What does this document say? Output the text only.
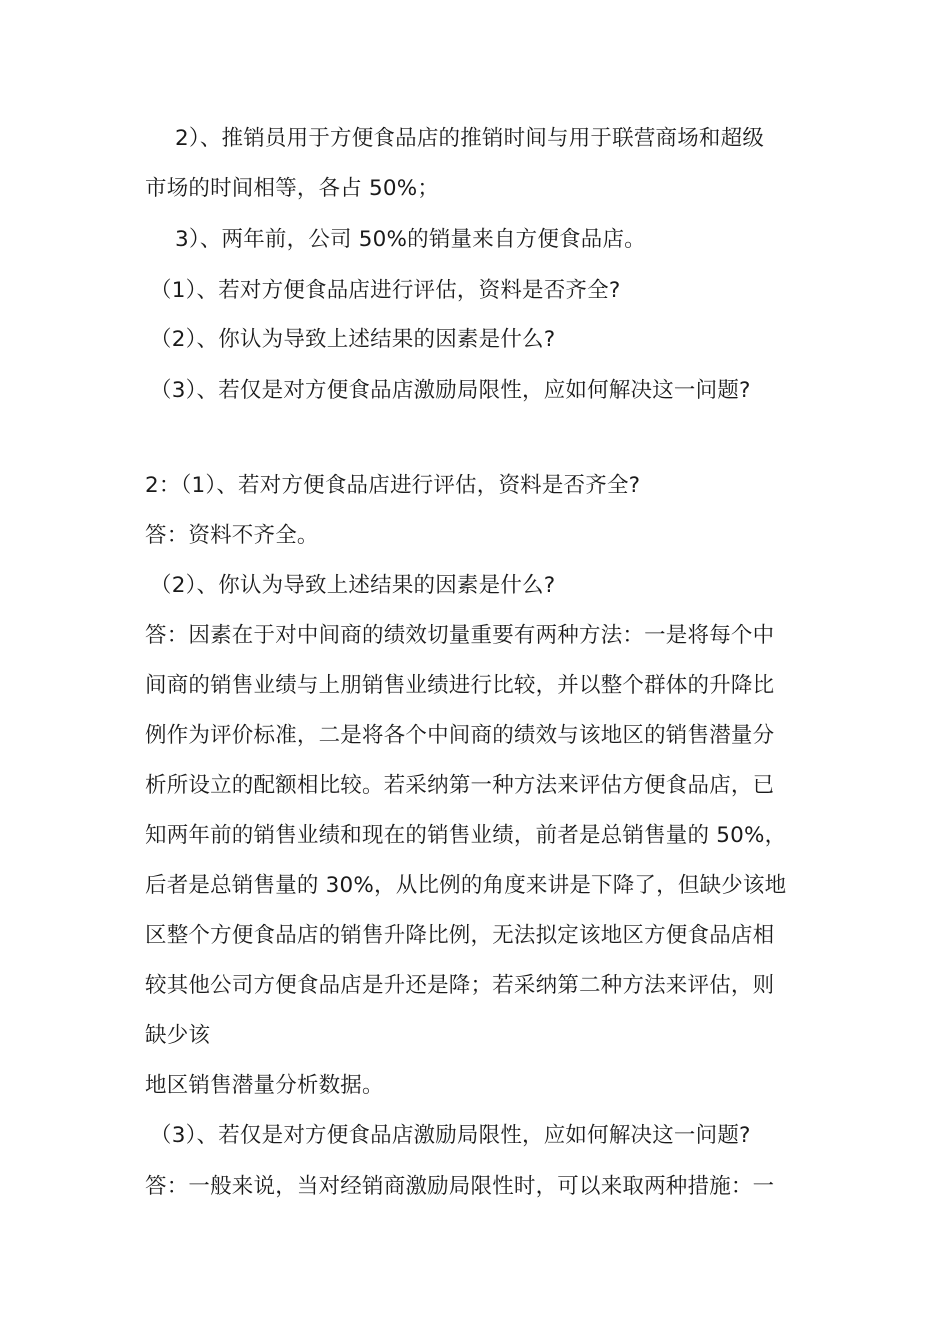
2）、推销员用于方便食品店的推销时间与用于联营商场和超级
市场的时间相等，各占 50%；
3）、两年前，公司 50%的销量来自方便食品店。
（1）、若对方便食品店进行评估，资料是否齐全?
（2）、你认为导致上述结果的因素是什么?
（3）、若仅是对方便食品店激励局限性，应如何解决这一问题?
2：（1）、若对方便食品店进行评估，资料是否齐全?
答：资料不齐全。
（2）、你认为导致上述结果的因素是什么?
答：因素在于对中间商的绩效切量重要有两种方法：一是将每个中
间商的销售业绩与上朋销售业绩进行比较，并以整个群体的升降比
例作为评价标准，二是将各个中间商的绩效与该地区的销售潜量分
析所设立的配额相比较。若采纳第一种方法来评估方便食品店，已
知两年前的销售业绩和现在的销售业绩，前者是总销售量的 50%，
后者是总销售量的 30%，从比例的角度来讲是下降了，但缺少该地
区整个方便食品店的销售升降比例，无法拟定该地区方便食品店相
较其他公司方便食品店是升还是降；若采纳第二种方法来评估，则
缺少该
地区销售潜量分析数据。
（3）、若仅是对方便食品店激励局限性，应如何解决这一问题?
答：一般来说，当对经销商激励局限性时，可以来取两种措施：一
